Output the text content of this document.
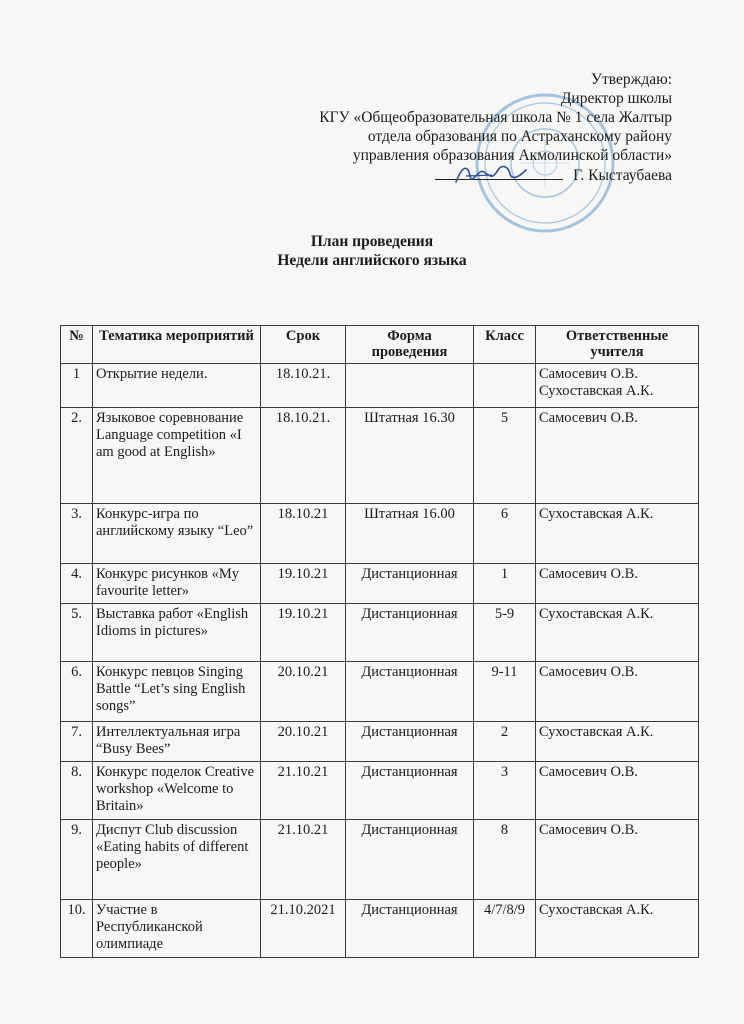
Утверждаю:
Директор школы
КГУ «Общеобразовательная школа № 1 села Жалтыр
отдела образования по Астраханскому району
управления образования Акмолинской области»
Г. Кыстаубаева
План проведения
Недели английского языка
№	Тематика мероприятий	Срок	Форма проведения	Класс	Ответственные учителя
1	Открытие недели.	18.10.21.			Самосевич О.В. Сухоставская А.К.
2.	Языковое соревнование Language competition «I am good at English»	18.10.21.	Штатная 16.30	5	Самосевич О.В.
3.	Конкурс-игра по английскому языку “Leo”	18.10.21	Штатная 16.00	6	Сухоставская А.К.
4.	Конкурс рисунков «My favourite letter»	19.10.21	Дистанционная	1	Самосевич О.В.
5.	Выставка работ «English Idioms in pictures»	19.10.21	Дистанционная	5-9	Сухоставская А.К.
6.	Конкурс певцов Singing Battle “Let’s sing English songs”	20.10.21	Дистанционная	9-11	Самосевич О.В.
7.	Интеллектуальная игра “Busy Bees”	20.10.21	Дистанционная	2	Сухоставская А.К.
8.	Конкурс поделок Creative workshop «Welcome to Britain»	21.10.21	Дистанционная	3	Самосевич О.В.
9.	Диспут Club discussion «Eating habits of different people»	21.10.21	Дистанционная	8	Самосевич О.В.
10.	Участие в Республиканской олимпиаде	21.10.2021	Дистанционная	4/7/8/9	Сухоставская А.К.
